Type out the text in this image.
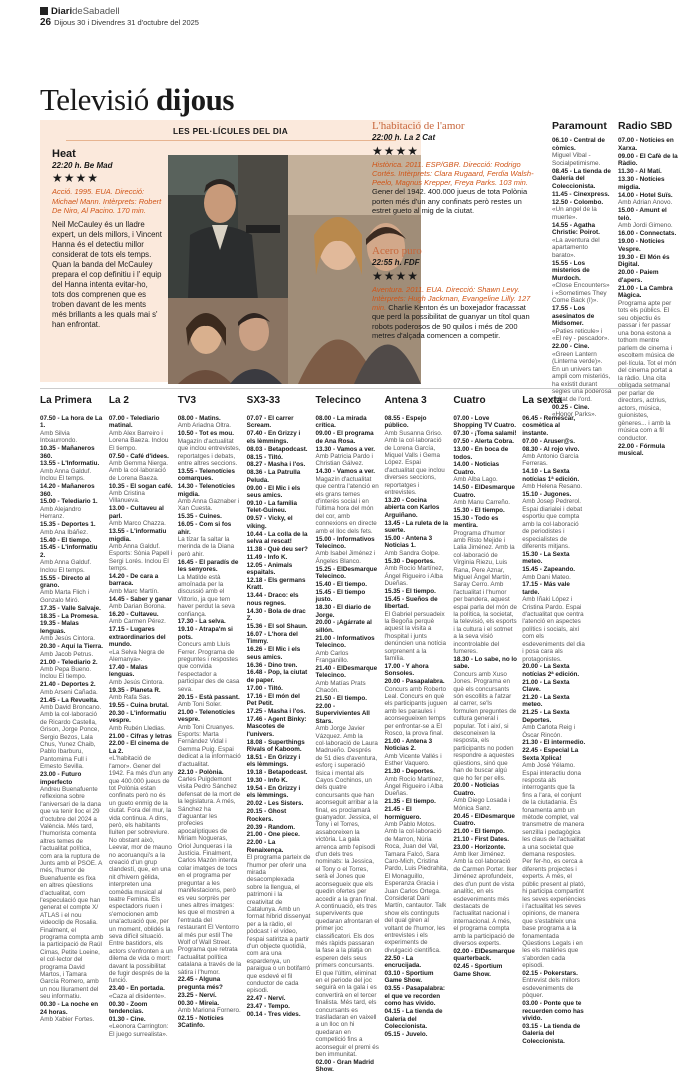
DiarideSabadell
26 Dijous 30 i Divendres 31 d'octubre del 2025
Televisió dijous
LES PEL·LÍCULES DEL DIA
Heat
22:20 h. Be Mad
★★★★
Acció. 1995. EUA. Direcció: Michael Mann. Intèrprets: Robert De Niro, Al Pacino. 170 min.
Neil McCauley és un lladre expert, un dels millors, i Vincent Hanna és el detectiu millor considerat de tots els temps. Quan la banda del McCauley prepara el cop definitiu i l' equip del Hanna intenta evitar-ho, tots dos comprenen que es troben davant de les ments més brillants a les quals mai s' han enfrontat.
L'habitació de l'amor
22:00 h. La 2 Cat
★★★★
Històrica. 2011. ESP/GBR. Direcció: Rodrigo Cortés. Intèrprets: Clara Rugaard, Ferdia Walsh-Peelo, Magnus Krepper, Freya Parks. 103 min. Gener del 1942. 400.000 jueus de tota Polònia porten més d'un any confinats però restes un estret gueto al mig de la ciutat.
Acero puro
22:55 h. FDF
★★★★
Aventura. 2011. EUA. Direcció: Shawn Levy. Intèrprets: Hugh Jackman, Evangeline Lilly. 127 min. Charlie Kenton és un boxejador fracassat que perd la possibilitat de guanyar un títol quan robots poderosos de 90 quilos i més de 200 metres d'alçada comencen a competir.
Paramount
06.10 - Central de còmics.
Miguel Vibal - Socialpetimisme.
08.45 - La tienda de Galería del Coleccionista.
11.45 - Cinexpress.
12.50 - Colombo.
«Un angel de la muerte».
14.55 - Agatha Christie: Poirot.
«La aventura del apartamento barato».
15.55 - Los misterios de Murdoch.
«Close Encounters» i «Sometimes They Come Back (I)».
17.55 - Los asesinatos de Midsomer.
«Paties reticule» i «El rey - pescador».
22.00 - Cine.
«Green Lantern (Linterna verde)». En un univers tan ampli com misteriós, ha existit durant segles una poderosa unitat de l'ord.
00.25 - Cine.
«Honor Parks».
Radio SBD
07.00 - Notícies en Xarxa.
09.00 - El Cafè de la Ràdio.
11.30 - Al Matí.
13.30 - Notícies migdia.
14.00 - Hotel Suïs.
Amb Adrian Anovo.
15.00 - Amunt el telò.
Amb Jordi Gimeno.
16.00 - Connectats.
19.00 - Notícies Vespre.
19.30 - El Món és Digital.
20.00 - Paiem d'apers.
21.00 - La Cambra Màgica.
Programa apte per tots els públics. El seu objectiu és passar i fer passar una bona estona a tothom mentre parlem de cinema i escoltem música de pel·lícula. Tot el món del cinema portat a la ràdio. Una cita obligada setmanal per parlar de directors, actrius, actors, música, guionistes, gèneres... i amb la música com a fil conductor.
22.00 - Fórmula musical.
La Primera
07.50 - La hora de La 1.
Amb Silvia Intxaurrondo.
10.35 - Mañaneros 360.
13.55 - L'Informatiu.
Amb Anna Galduf. Inclou El temps.
14.20 - Mañaneros 360.
15.00 - Telediario 1.
Amb Alejandro Herranz.
15.35 - Deportes 1.
Amb Ana Ibáñez.
15.40 - El tiempo.
15.45 - L'informatiu 2.
Amb Anna Galduf. Inclou El temps.
15.55 - Directo al grano.
Amb Marta Flich i Gonzalo Miró.
17.35 - Valle Salvaje.
18.35 - La Promesa.
19.35 - Malas lenguas.
Amb Jesús Cintora.
20.30 - Aquí la Tierra.
Amb Jacob Petrus.
21.00 - Telediario 2.
Amb Pepa Bueno. Inclou El tiempo.
21.40 - Deportes 2.
Amb Arseni Cañada.
21.45 - La Revuelta.
Amb David Broncano. Amb la col·laboració de Ricardo Castella, Grison, Jorge Ponce, Sergio Bezos, Lala Chus, Yunez Chaib, Pablo Ibarburu, Pantomima Full i Ernesto Sevilla.
23.00 - Futuro imperfecto
Andreu Buenafuente reflexiona sobre l'aniversari de la dana que va tenir lloc el 29 d'octubre del 2024 a València. Més tard, l'humorista comenta altres temes de l'actualitat política, com ara la ruptura de Junts amb el PSOE. A més, l'humor de Buenafuente es fixa en altres qüestions d'actualitat, com l'especulació que han generat el compte X/ ATLAS i el nou videoclip de Rosalia. Finalment, el programa compta amb la participació de Raúl Cimas, Petite Loeine, el col·lector del programa David Martos, i Tamara García Romero, amb un nou lliurament del seu informatiu.
00.30 - La noche en 24 horas.
Amb Xabier Fortes.
La 2
07.00 - Telediario matinal.
Amb Alex Barreiro i Lorena Baeza. Inclou El tiempo.
07.50 - Café d'idees.
Amb Gemma Nierga. Amb la col·laboració de Lorena Baeza.
10.35 - El sogan café.
Amb Cristina Villanueva.
13.00 - Cultaveu al parl.
Amb Marco Chazza.
13.55 - L'informatiu migdia.
Amb Anna Galduf. Esports: Sònia Papell i Sergi Lorés. Inclou El temps.
14.20 - De cara a barraca.
Amb Marc Martín.
14.45 - Saber y ganar
Amb Darian Borona.
16.20 - Cultaveu.
Amb Carmen Pérez.
17.15 - Lugares extraordinarios del mundo.
«La Selva Negra de Alemanya».
17.40 - Malas lenguas.
Amb Jesús Cintora.
19.35 - Planeta R.
Amb Rafa Sas.
19.55 - Cuina brutal.
20.30 - L'informatiu vespre.
Amb Rubén Lledias.
21.00 - Cifras y letras
22.00 - El cinema de La 2.
«L'habitació de l'amor». Gener del 1942. Fa més d'un any que 400.000 jueus de tot Polònia estan confinats però no és un gueto enmig de la ciutat. Fora del mur, la vida continua. A dins, però, els habitants lluiten per sobreviure. No obstant això, Leevar, mor de mauno no acoruanqui's a la creació d'un grup clandestí, que, en una nit d'hivern gèlida, interpreten una comèdia musical al teatre Femina. Els espectadors riuen i s'emocionen amb una'actuació que, per un moment, oblidés la seva difícil situació. Entre bastidors, els actors s'enfronten a un dilema de vida o mort: davant la possibilitat de fugir després de la funció.
23.40 - En portada.
«Caza al disidente».
00.30 - Zoom tendencias.
01.30 - Cine.
«Leonora Carrington: El juego surrealista».
TV3
08.00 - Matins.
Amb Ariadna Oltra.
10.50 - Tot es mou.
Magazín d'actualitat que inclou entrevistes, reportatges i debats, entre altres seccions.
13.55 - Telenotícies comarques.
14.30 - Telenotícies migdia.
Amb Anna Gaznaber i Xan Cuesta.
15.35 - Cuines.
16.05 - Com si fos ahir.
La tízar fa saltar la merinda de la Diana però ahir.
16.45 - El paradís de les senyores.
La Matilde està amoïnada per la discussió amb el Vittorio, ja que tem haver perdut la seva confiança.
17.30 - La selva.
19.10 - Atrapa'm si pots.
Concurs amb Lluís Ferrer. Programa de preguntes i respostes que convida l'espectador a participar des de casa seva.
20.15 - Està passant.
Amb Toni Soler.
21.00 - Telenotícies vespre.
Amb Toni Cruanyes. Esports: Marta Fernàndez Vidal i Gemma Puig. Espai dedicat a la informació d'actualitat.
22.10 - Polònia.
Carles Puigdemont visita Pedro Sánchez defensat de la mort de la legislatura. A més, Sánchez ha d'aguantar les profecies apocalíptiques de Miriam Nogueras, Oriol Junqueras i la Justícia. Finalment, Carlos Mazón intenta colar imatges de tocs en el programa per preguntar a les manifestacions, però es veu sorprès per unes altres imatges: les que el mostren a l'entrada del restaurant El Ventorro al més pur estil The Wolf of Wall Street. Programa que retrata l'actualitat política catalana a través de la sàtira i l'humor.
22.45 - Alguna pregunta més?
23.25 - Nerví.
00.30 - Mireia.
Amb Mariona Fornero.
02.15 - Notícies 3Catinfo.
SX3-33
07.07 - El carrer Scream.
07.40 - En Grizzy i els lèmmings.
08.03 - Betapodcast.
08.15 - Tiltó.
08.27 - Masha i l'os.
08.36 - La Patrulla Peluda.
09.00 - El Mic i els seus amics.
09.10 - La família Telet-Guineu.
09.57 - Vicky, el víking.
10.44 - La colla de la selva al rescat!
11.38 - Què deu ser?
11.49 - Info K.
12.05 - Animals espaitals.
12.18 - Els germans Kratt.
13.44 - Draco: els nous regnes.
14.30 - Bola de drac Z.
15.36 - El sol Shaun.
16.07 - L'hora del Timmy.
16.26 - El Mic i els seus amics.
16.36 - Dino tren.
16.48 - Pop, la ciutat de paper.
17.00 - Tiltó.
17.16 - El món del Pet Petit.
17.25 - Masha i l'os.
17.46 - Agent Binky: Mascotes de l'univers.
18.08 - Superthings Rivals of Kaboom.
18.51 - En Grizzy i els lèmmings.
19.18 - Betapodcast.
19.30 - Info K.
19.54 - En Grizzy i els lèmmings.
20.02 - Les Sisters.
20.15 - Ghost Rockers.
20.39 - Random.
21.00 - One piece.
22.00 - La Renaixença.
El programa parteix de l'humor per oferir una mirada desacomplexada sobre la llengua, el patrimoni i la creativitat de Catalunya. Amb un format híbrid dissenyat per a la ràdio, el pòdcast i el vídeo, l'espai satiritza a partir d'un objecte quotidià, com ara una espardenya, un paraigua o un botifarró que esdevé el fil conductor de cada episodi.
22.47 - Nerví.
23.47 - Tempo.
00.14 - Tres vides.
Telecinco
08.00 - La mirada crítica.
09.00 - El programa de Ana Rosa.
13.30 - Vamos a ver.
Amb Patricia Pardo i Christian Gálvez.
14.30 - Vamos a ver.
Magazín d'actualitat que centra l'atenció en els grans temes d'interès social i en l'última hora del món del cor, amb connexions en directe amb el lloc dels fets.
15.00 - Informativos Telecinco.
Amb Isabel Jiménez i Ángeles Blanco.
15.25 - ElDesmarque Telecinco.
15.40 - El tiempo.
15.45 - El tiempo justo.
18.30 - El diario de Jorge.
20.00 - ¡Agárrate al sillón.
21.00 - Informativos Telecinco.
Amb Carlos Franganillo.
21.40 - ElDesmarque Telecinco.
Amb Matías Prats Chacón.
21.50 - El tiempo.
22.00 - Supervivientes All Stars.
Amb Jorge Javier Vázquez. Amb la col·laboració de Laura Madrueño. Després de 51 dies d'aventura, esforç i superació física i mental als Cayos Cochinos, un dels quatre concursants que han aconseguit arribar a la final, es proclamarà guanyador. Jessica, el Tony i el Torres, assaboreixen la victòria. La gala arrenca amb l'episodi d'un dels tres nominats: la Jessica, el Tony o el Torres, serà el Jones que aconsegueix que els quedin ofertes per accedir a la gran final. A continuació, els tres supervivents que quedaran afrontaran el primer joc classificatori. Els dos més ràpids passaran la fase a la platja on esperen dels seus primers concursants. El que l'últim, eliminat en el periode del joc seguirà en la gala i es convertirà en el tercer finalista. Més tard, els concursants es traslladaran en vaixell a un lloc on hi quedaran en competició fins a aconseguir el premi és ben immunitat.
02.00 - Gran Madrid Show.
Antena 3
08.55 - Espejo público.
Amb Susanna Griso. Amb la col·laboració de Lorena García, Miquel Valls i Gema López. Espai d'actualitat que inclou diverses seccions, reportatges i entrevistes.
13.20 - Cocina abierta con Karlos Arguiñano.
13.45 - La ruleta de la suerte.
15.00 - Antena 3 Noticias 1.
Amb Sandra Golpe.
15.30 - Deportes.
Amb Rocío Martínez, Ángel Rigueiro i Alba Dueñas.
15.35 - El tiempo.
15.45 - Sueños de libertad.
El Gabriel persuadeix la Begoña perquè aquest la visita a l'hospital i junts denúncien una notícia sorprenent a la família.
17.00 - Y ahora Sonsoles.
20.00 - Pasapalabra.
Concurs amb Roberto Leal. Concurs en què els participants juguen amb les paraules i aconsegueixen temps per enfrontar-se a El Rosco, la prova final.
21.00 - Antena 3 Noticias 2.
Amb Vicente Vallés i Esther Vaquero.
21.30 - Deportes.
Amb Rocío Martínez, Ángel Rigueiro i Alba Dueñas.
21.35 - El tiempo.
21.45 - El hormiguero.
Amb Pablo Motos. Amb la col·laboració de Marron, Núria Roca, Juan del Val, Tamara Falcó, Sara Caro-Mich, Cristina Pardo, Luis Piedrahita, El Monaguillo, Esperanza Gracia i Juan Carlos Ortega. Considerat Dani Martín, cantautor. Talk show els continguts del qual giren al voltant de l'humor, les entrevistes i els experiments de divulgació científica.
22.50 - La encrucijada.
03.10 - Sportium Game Show.
03.55 - Pasapalabra: el que ve recorden como has vivido.
04.15 - La tienda de Galería del Coleccionista.
05.15 - Juvelo.
Cuatro
07.00 - Love Shopping TV Cuatro.
07.30 - ¡Toma salami!
07.50 - Alerta Cobra.
13.00 - En boca de todos.
14.00 - Noticias Cuatro.
Amb Alba Lago.
14.50 - ElDesmarque Cuatro.
Amb Manu Carreño.
15.30 - El tiempo.
15.30 - Todo es mentira.
Programa d'humor amb Risto Mejide i Lalia Jiménez. Amb la col·laboració de Virginia Riezu, Luis Rana, Pere Aznar, Miguel Ángel Martín, Saray Cerro. Amb l'actualitat i l'humor per bandera, aquest espai parla del món de la política, la societat, la televisió, els esports i la cultura i el sotmet a la seva visió incontrolable del fumeres.
18.30 - Lo sabe, no lo sabe.
Concurs amb Xuso Jones. Programa en què els concursants són escollits a l'atzar al carrer, se'ls formulen preguntes de cultura general i popular. Tot i així, si desconeixen la resposta, els participants no poden respondre a aquestes qüestions, sinó que han de buscar algú que ho fer per ells.
20.00 - Noticias Cuatro.
Amb Diego Losada i Mónica Sanz.
20.45 - ElDesmarque Cuatro.
21.00 - El tiempo.
21.10 - First Dates.
23.00 - Horizonte.
Amb Iker Jiménez. Amb la col·laboració de Carmen Porter. Iker Jiménez aprofundeix, des d'un punt de vista analític, en els esdeveniments més destacats de l'actualitat nacional i internacional. A més, el programa compta amb la participació de diversos experts.
02.00 - ElDesmarque quarterback.
02.45 - Sportium Game Show.
La sexta
06.45 - Remescar, cosmètica al instante.
07.00 - Aruser@s.
08.30 - Al rojo vivo.
Amb Antonio García Ferreras.
14.10 - La Sexta notícias 1ª edición.
Amb Helena Resano.
15.10 - Jugones.
Amb Josep Pedrerol. Espai diarialei i debat esportiu que compta amb la col·laboració de periodistes i especialistes de diferents mitjans.
15.30 - La Sexta meteo.
15.45 - Zapeando.
Amb Dani Mateo.
17.15 - Más vale tarde.
Amb Iñaki López i Cristina Pardo. Espai d'actualitat que centra l'atenció en aspectes polítics i socials, així com els esdeveniments del dia i posa cara als protagonistes.
20.00 - La Sexta notícias 2ª edición.
21.00 - La Sexta Clave.
21.20 - La Sexta meteo.
21.25 - La Sexta Deportes.
Amb Carlota Reig i Óscar Rincón.
21.30 - El intermedio.
22.45 - Especial La Sexta Xplica!
Amb José Yélamo. Espai interactiu dona resposta als interrogants que fa fins a l'ara, el conjunt de la ciutadania. Es fonamenta amb un mètode complet, val transmetre de manera senzilla i pedagògica les claus de l'actualitat a una societat que demana respostes. Per fer-ho, es cerca a diferents projectes i experts. A més, el públic present al plató, hi participa compartint les seves experiències i l'actualitat les seves opinions, de manera que s'estableix una base programa a la fonamentada Qüestions Legals i en les els matèries que s'aborden cada episodi.
02.15 - Pokerstars.
Entrevist dels millors esdeveniments de pòquer.
03.00 - Ponte que te recuerden como has vivido.
03.15 - La tienda de Galería del Coleccionista.
